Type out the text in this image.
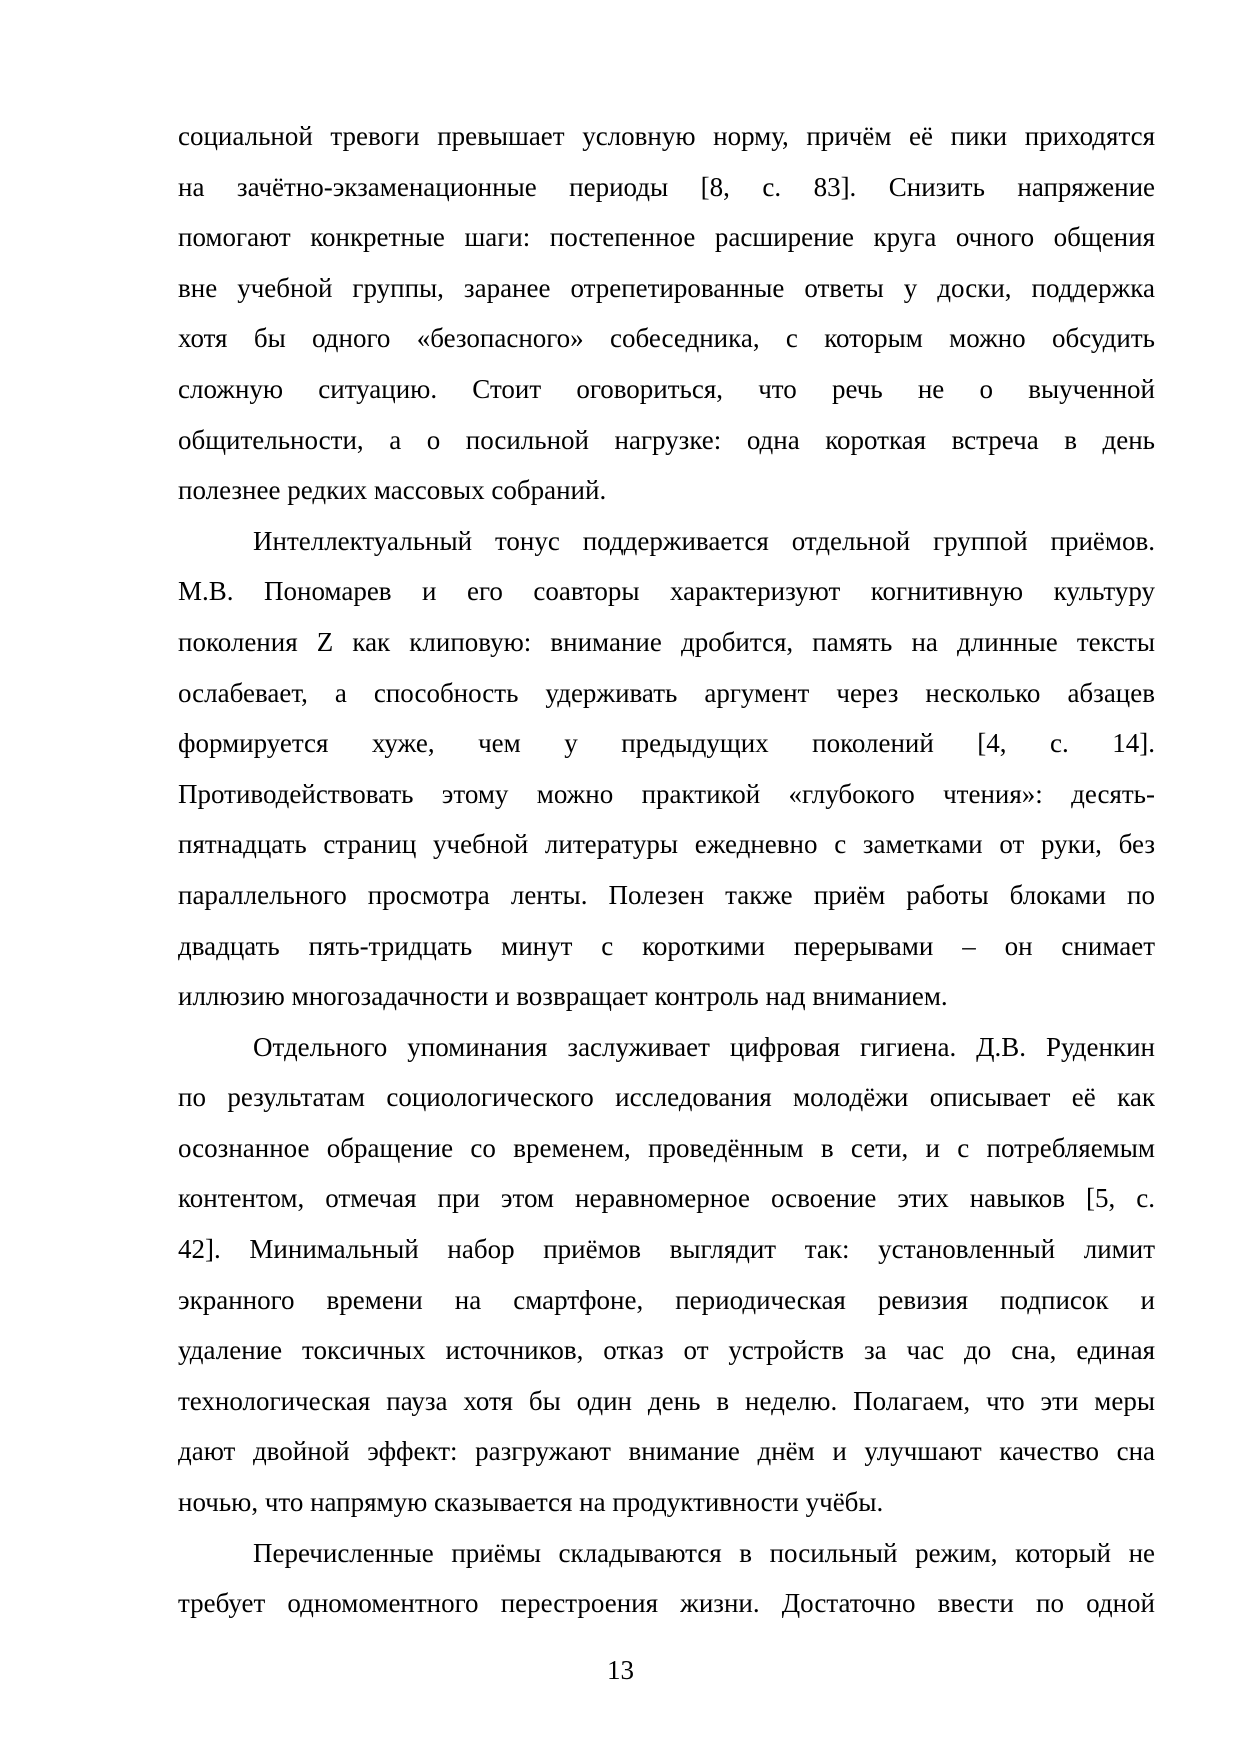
социальной тревоги превышает условную норму, причём её пики приходятся
на зачётно-экзаменационные периоды [8, с. 83]. Снизить напряжение
помогают конкретные шаги: постепенное расширение круга очного общения
вне учебной группы, заранее отрепетированные ответы у доски, поддержка
хотя бы одного «безопасного» собеседника, с которым можно обсудить
сложную ситуацию. Стоит оговориться, что речь не о выученной
общительности, а о посильной нагрузке: одна короткая встреча в день
полезнее редких массовых собраний.
Интеллектуальный тонус поддерживается отдельной группой приёмов.
М.В. Пономарев и его соавторы характеризуют когнитивную культуру
поколения Z как клиповую: внимание дробится, память на длинные тексты
ослабевает, а способность удерживать аргумент через несколько абзацев
формируется хуже, чем у предыдущих поколений [4, с. 14].
Противодействовать этому можно практикой «глубокого чтения»: десять-
пятнадцать страниц учебной литературы ежедневно с заметками от руки, без
параллельного просмотра ленты. Полезен также приём работы блоками по
двадцать пять-тридцать минут с короткими перерывами – он снимает
иллюзию многозадачности и возвращает контроль над вниманием.
Отдельного упоминания заслуживает цифровая гигиена. Д.В. Руденкин
по результатам социологического исследования молодёжи описывает её как
осознанное обращение со временем, проведённым в сети, и с потребляемым
контентом, отмечая при этом неравномерное освоение этих навыков [5, с.
42]. Минимальный набор приёмов выглядит так: установленный лимит
экранного времени на смартфоне, периодическая ревизия подписок и
удаление токсичных источников, отказ от устройств за час до сна, единая
технологическая пауза хотя бы один день в неделю. Полагаем, что эти меры
дают двойной эффект: разгружают внимание днём и улучшают качество сна
ночью, что напрямую сказывается на продуктивности учёбы.
Перечисленные приёмы складываются в посильный режим, который не
требует одномоментного перестроения жизни. Достаточно ввести по одной
13
